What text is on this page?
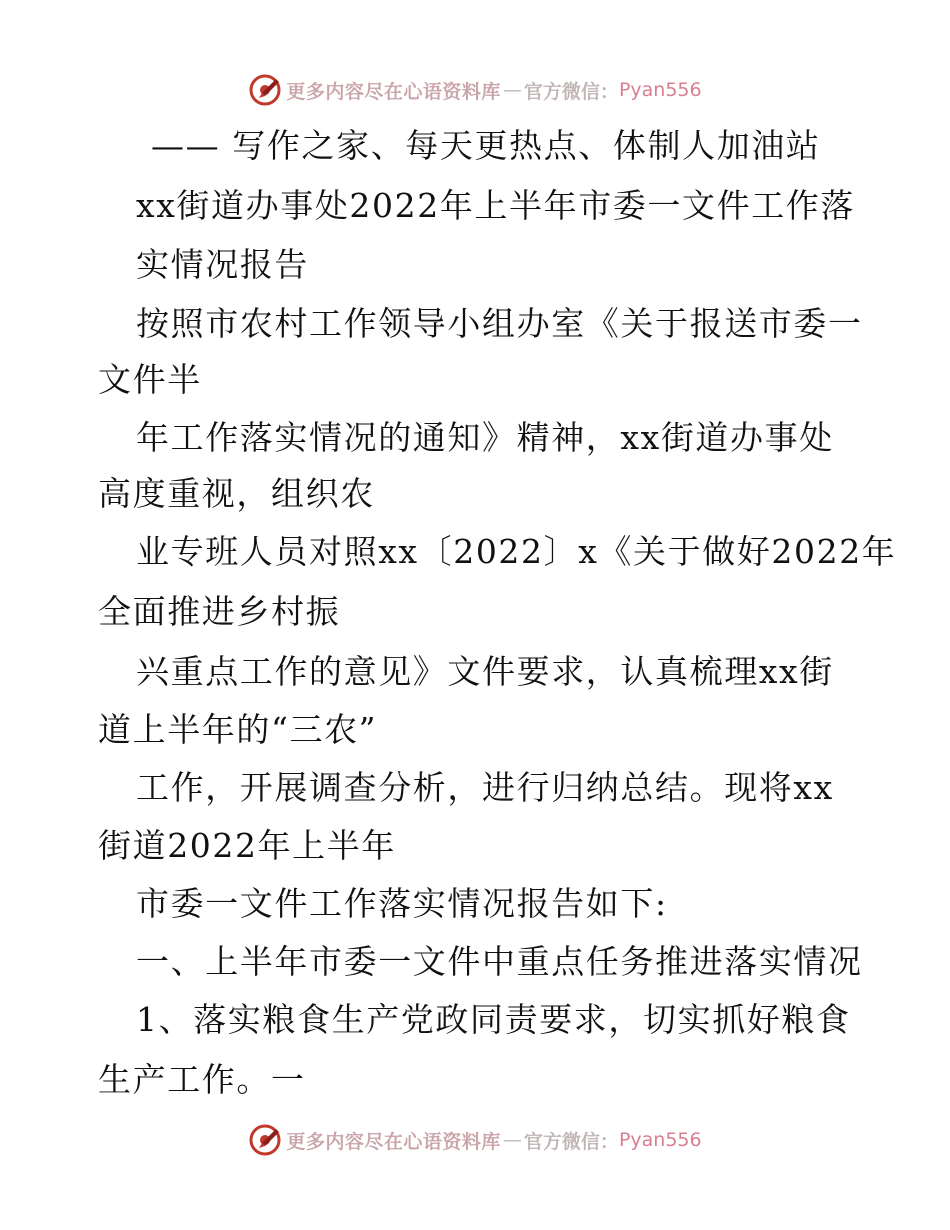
更多内容尽在心语资料库 — 官方微信： Pyan556
—— 写作之家、每天更热点、体制人加油站
xx街道办事处2022年上半年市委一文件工作落
实情况报告
按照市农村工作领导小组办室《关于报送市委一
文件半
年工作落实情况的通知》精神，xx街道办事处
高度重视，组织农
业专班人员对照xx〔2022〕x《关于做好2022年
全面推进乡村振
兴重点工作的意见》文件要求，认真梳理xx街
道上半年的“三农”
工作，开展调查分析，进行归纳总结。现将xx
街道2022年上半年
市委一文件工作落实情况报告如下:
一、上半年市委一文件中重点任务推进落实情况
1、落实粮食生产党政同责要求，切实抓好粮食
生产工作。一
更多内容尽在心语资料库 — 官方微信： Pyan556
